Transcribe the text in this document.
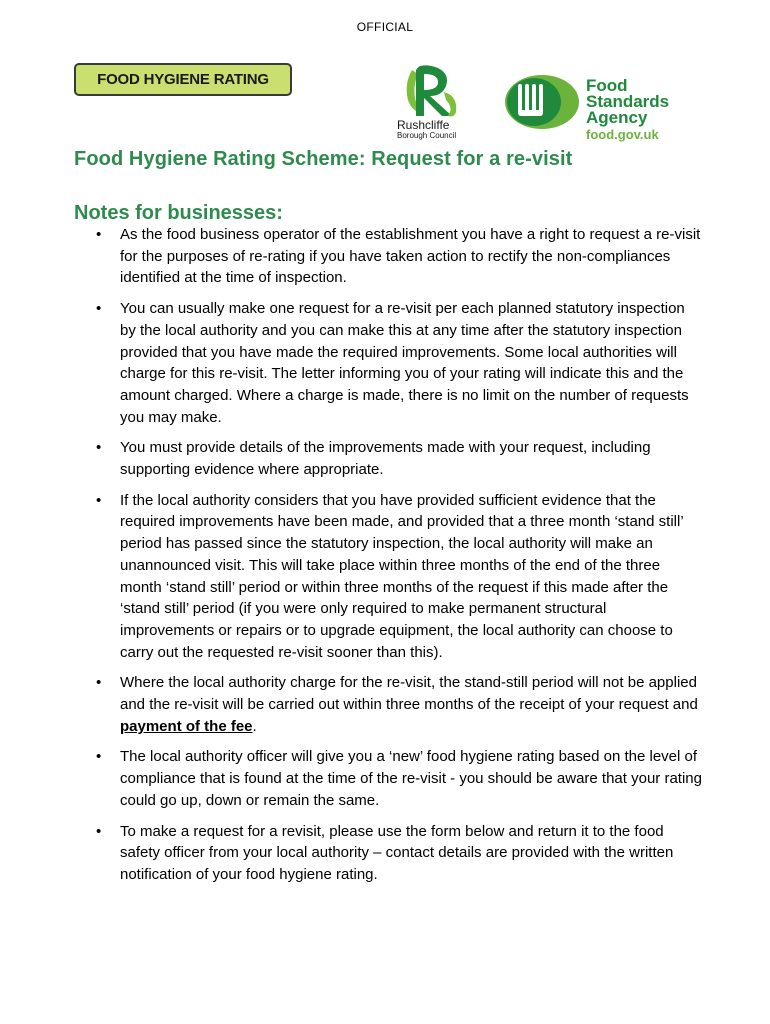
OFFICIAL
FOOD HYGIENE RATING
Rushcliffe
Borough Council
Food
Standards
Agency
food.gov.uk
Food Hygiene Rating Scheme: Request for a re-visit
Notes for businesses:
• As the food business operator of the establishment you have a right to request a re-visit for the purposes of re-rating if you have taken action to rectify the non-compliances identified at the time of inspection.
• You can usually make one request for a re-visit per each planned statutory inspection by the local authority and you can make this at any time after the statutory inspection provided that you have made the required improvements. Some local authorities will charge for this re-visit. The letter informing you of your rating will indicate this and the amount charged. Where a charge is made, there is no limit on the number of requests you may make.
• You must provide details of the improvements made with your request, including supporting evidence where appropriate.
• If the local authority considers that you have provided sufficient evidence that the required improvements have been made, and provided that a three month ‘stand still’ period has passed since the statutory inspection, the local authority will make an unannounced visit. This will take place within three months of the end of the three month ‘stand still’ period or within three months of the request if this made after the ‘stand still’ period (if you were only required to make permanent structural improvements or repairs or to upgrade equipment, the local authority can choose to carry out the requested re-visit sooner than this).
• Where the local authority charge for the re-visit, the stand-still period will not be applied and the re-visit will be carried out within three months of the receipt of your request and payment of the fee.
• The local authority officer will give you a ‘new’ food hygiene rating based on the level of compliance that is found at the time of the re-visit - you should be aware that your rating could go up, down or remain the same.
• To make a request for a revisit, please use the form below and return it to the food safety officer from your local authority – contact details are provided with the written notification of your food hygiene rating.
